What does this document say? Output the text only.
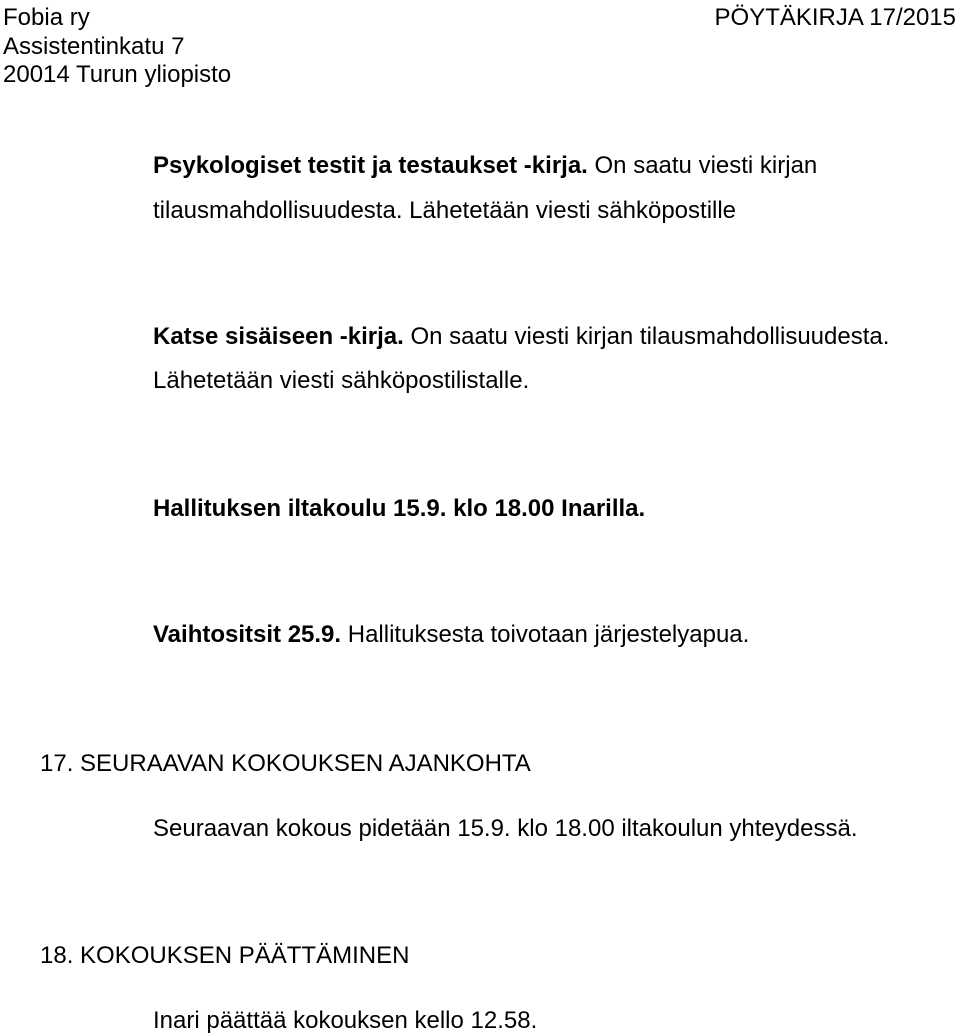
Fobia ry
Assistentinkatu 7
20014 Turun yliopisto
PÖYTÄKIRJA 17/2015
Psykologiset testit ja testaukset -kirja. On saatu viesti kirjan
tilausmahdollisuudesta. Lähetetään viesti sähköpostille
Katse sisäiseen -kirja. On saatu viesti kirjan tilausmahdollisuudesta.
Lähetetään viesti sähköpostilistalle.
Hallituksen iltakoulu 15.9. klo 18.00 Inarilla.
Vaihtositsit 25.9. Hallituksesta toivotaan järjestelyapua.
17. SEURAAVAN KOKOUKSEN AJANKOHTA
Seuraavan kokous pidetään 15.9. klo 18.00 iltakoulun yhteydessä.
18. KOKOUKSEN PÄÄTTÄMINEN
Inari päättää kokouksen kello 12.58.
